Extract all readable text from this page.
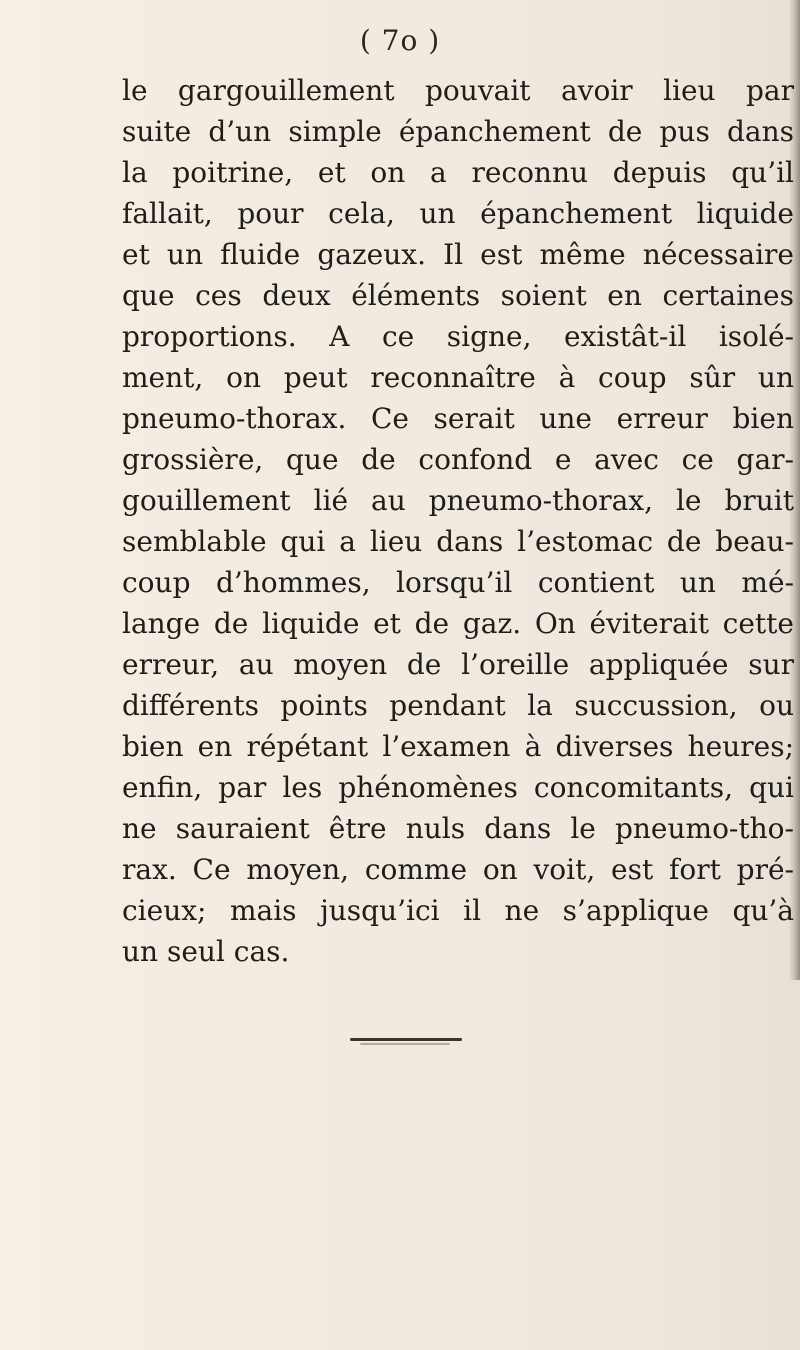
( 7o )
le gargouillement pouvait avoir lieu par
suite d’un simple épanchement de pus dans
la poitrine, et on a reconnu depuis qu’il
fallait, pour cela, un épanchement liquide
et un fluide gazeux. Il est même nécessaire
que ces deux éléments soient en certaines
proportions. A ce signe, existât-il isolé-
ment, on peut reconnaître à coup sûr un
pneumo-thorax. Ce serait une erreur bien
grossière, que de confond e avec ce gar-
gouillement lié au pneumo-thorax, le bruit
semblable qui a lieu dans l’estomac de beau-
coup d’hommes, lorsqu’il contient un mé-
lange de liquide et de gaz. On éviterait cette
erreur, au moyen de l’oreille appliquée sur
différents points pendant la succussion, ou
bien en répétant l’examen à diverses heures;
enfin, par les phénomènes concomitants, qui
ne sauraient être nuls dans le pneumo-tho-
rax. Ce moyen, comme on voit, est fort pré-
cieux; mais jusqu’ici il ne s’applique qu’à
un seul cas.
